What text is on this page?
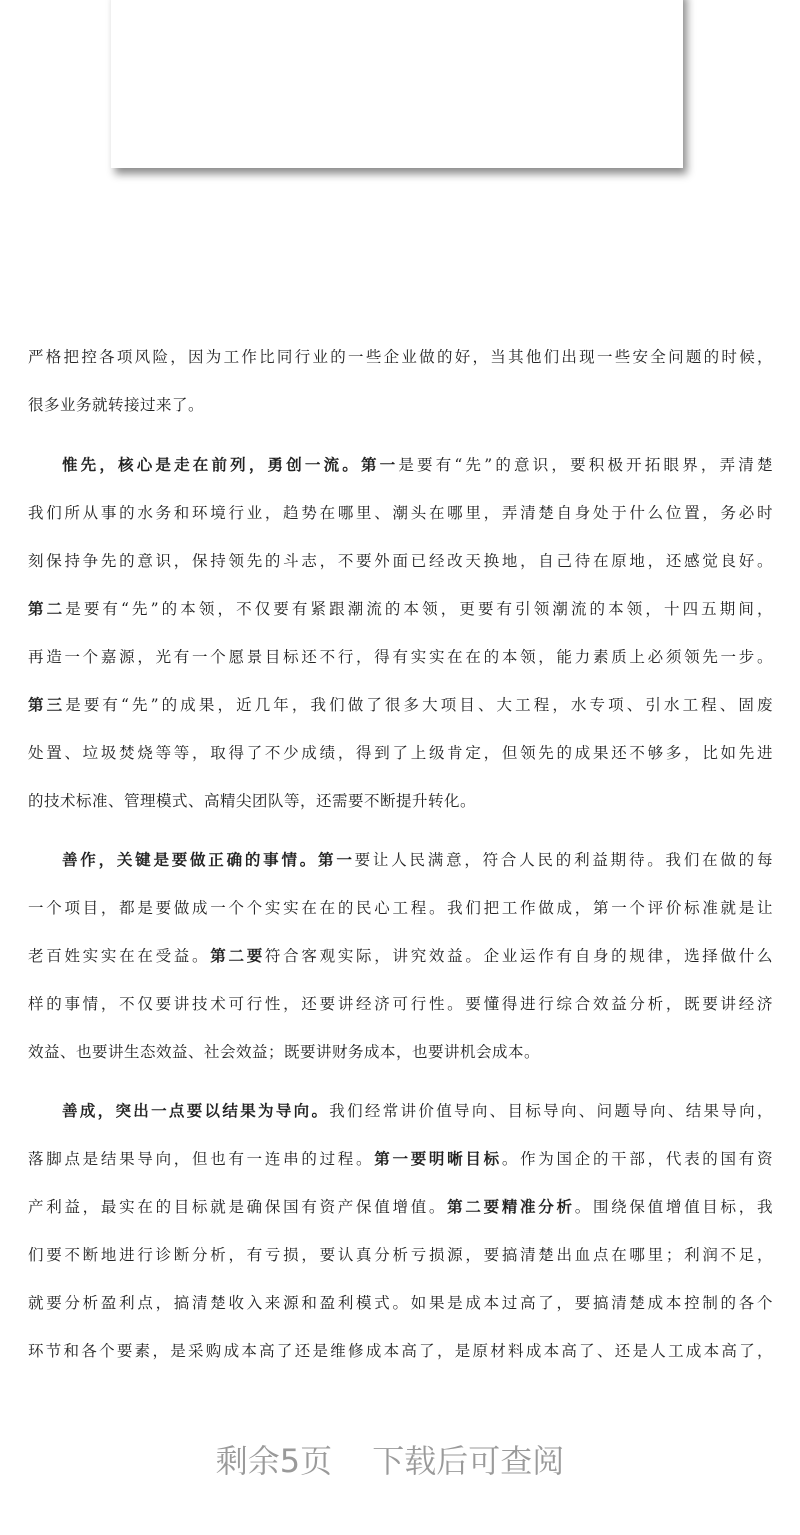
严格把控各项风险，因为工作比同行业的一些企业做的好，当其他们出现一些安全问题的时候，
很多业务就转接过来了。
惟先，核心是走在前列，勇创一流。第一是要有“先”的意识，要积极开拓眼界，弄清楚
我们所从事的水务和环境行业，趋势在哪里、潮头在哪里，弄清楚自身处于什么位置，务必时
刻保持争先的意识，保持领先的斗志，不要外面已经改天换地，自己待在原地，还感觉良好。
第二是要有“先”的本领，不仅要有紧跟潮流的本领，更要有引领潮流的本领，十四五期间，
再造一个嘉源，光有一个愿景目标还不行，得有实实在在的本领，能力素质上必须领先一步。
第三是要有“先”的成果，近几年，我们做了很多大项目、大工程，水专项、引水工程、固废
处置、垃圾焚烧等等，取得了不少成绩，得到了上级肯定，但领先的成果还不够多，比如先进
的技术标准、管理模式、高精尖团队等，还需要不断提升转化。
善作，关键是要做正确的事情。第一要让人民满意，符合人民的利益期待。我们在做的每
一个项目，都是要做成一个个实实在在的民心工程。我们把工作做成，第一个评价标准就是让
老百姓实实在在受益。第二要符合客观实际，讲究效益。企业运作有自身的规律，选择做什么
样的事情，不仅要讲技术可行性，还要讲经济可行性。要懂得进行综合效益分析，既要讲经济
效益、也要讲生态效益、社会效益；既要讲财务成本，也要讲机会成本。
善成，突出一点要以结果为导向。我们经常讲价值导向、目标导向、问题导向、结果导向，
落脚点是结果导向，但也有一连串的过程。第一要明晰目标。作为国企的干部，代表的国有资
产利益，最实在的目标就是确保国有资产保值增值。第二要精准分析。围绕保值增值目标，我
们要不断地进行诊断分析，有亏损，要认真分析亏损源，要搞清楚出血点在哪里；利润不足，
就要分析盈利点，搞清楚收入来源和盈利模式。如果是成本过高了，要搞清楚成本控制的各个
环节和各个要素，是采购成本高了还是维修成本高了，是原材料成本高了、还是人工成本高了，
剩余5页 下载后可查阅
